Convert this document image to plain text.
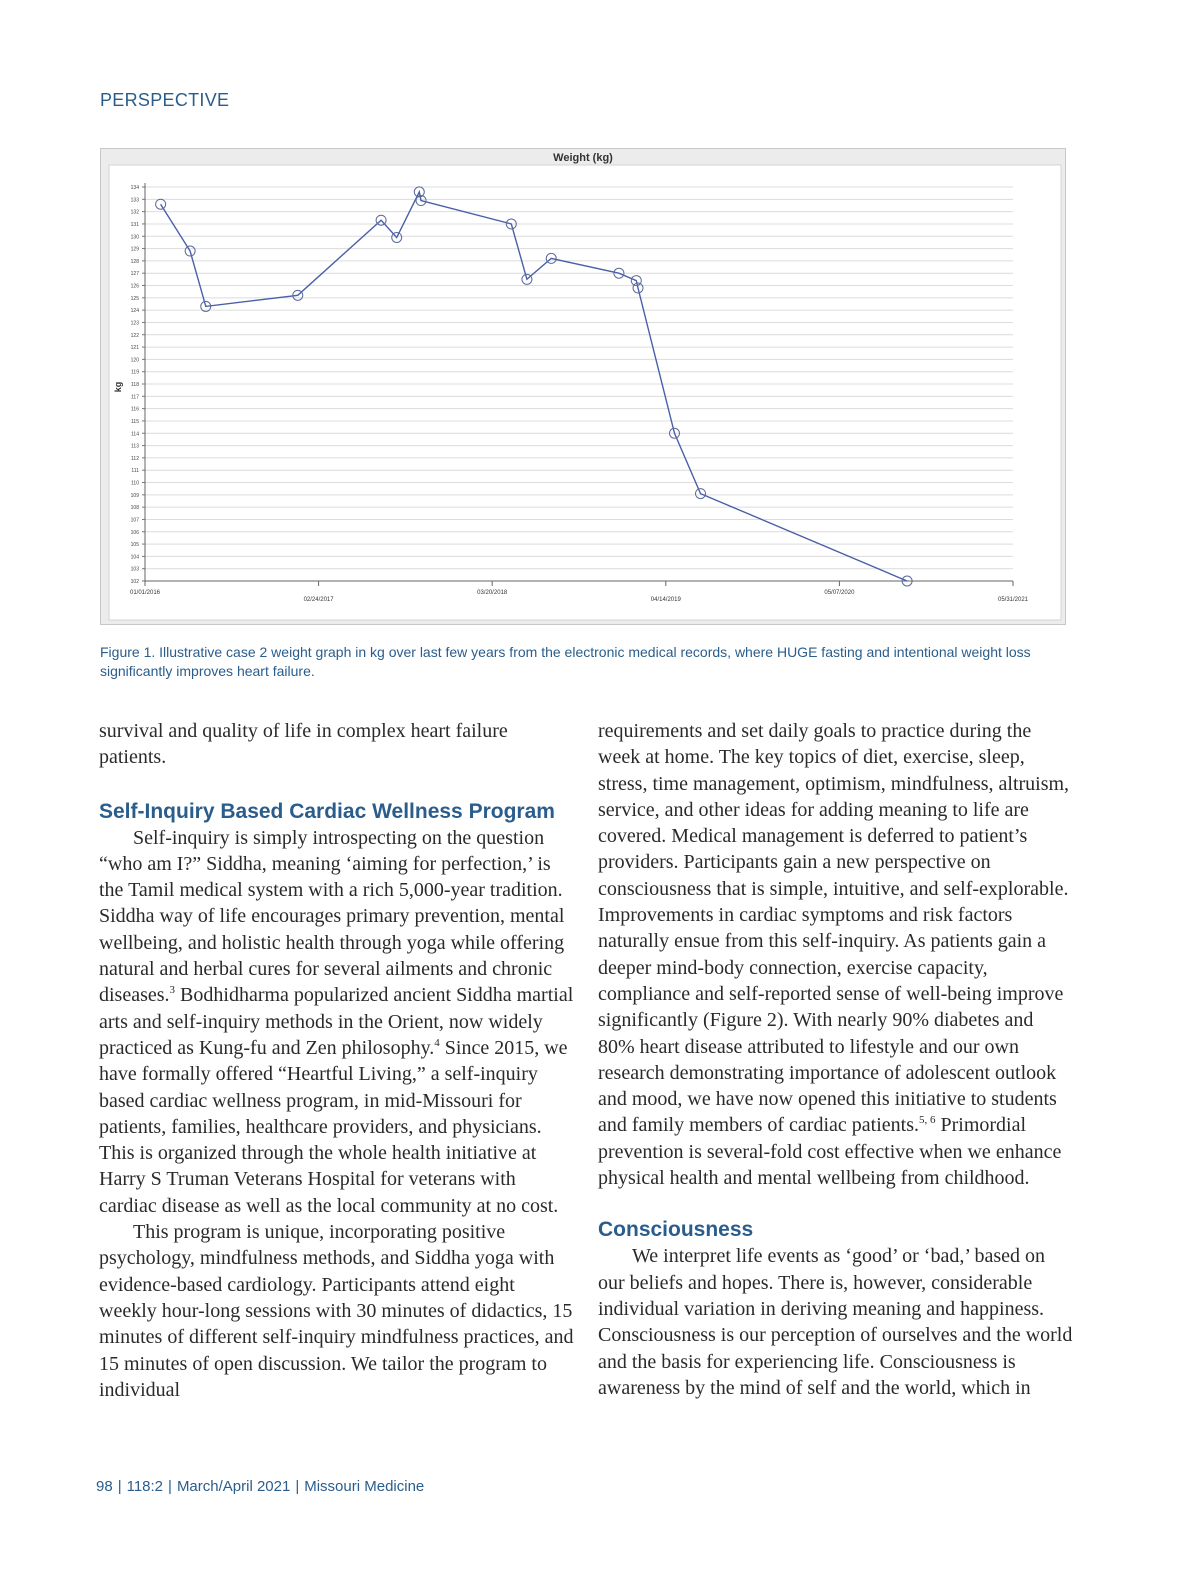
PERSPECTIVE
Weight (kg)
102
103
104
105
106
107
108
109
110
111
112
113
114
115
116
117
118
119
120
121
122
123
124
125
126
127
128
129
130
131
132
133
134
kg
01/01/2016
02/24/2017
03/20/2018
04/14/2019
05/07/2020
05/31/2021
Figure 1. Illustrative case 2 weight graph in kg over last few years from the electronic medical records, where HUGE fasting and intentional weight loss significantly improves heart failure.

survival and quality of life in complex heart failure patients.

Self-Inquiry Based Cardiac Wellness Program

Self-inquiry is simply introspecting on the question “who am I?” Siddha, meaning ‘aiming for perfection,’ is the Tamil medical system with a rich 5,000-year tradition. Siddha way of life encourages primary prevention, mental wellbeing, and holistic health through yoga while offering natural and herbal cures for several ailments and chronic diseases.$^3$ Bodhidharma popularized ancient Siddha martial arts and self-inquiry methods in the Orient, now widely practiced as Kung-fu and Zen philosophy.$^4$ Since 2015, we have formally offered “Heartful Living,” a self-inquiry based cardiac wellness program, in mid-Missouri for patients, families, healthcare providers, and physicians. This is organized through the whole health initiative at Harry S Truman Veterans Hospital for veterans with cardiac disease as well as the local community at no cost.

This program is unique, incorporating positive psychology, mindfulness methods, and Siddha yoga with evidence-based cardiology. Participants attend eight weekly hour-long sessions with 30 minutes of didactics, 15 minutes of different self-inquiry mindfulness practices, and 15 minutes of open discussion. We tailor the program to individual

requirements and set daily goals to practice during the week at home. The key topics of diet, exercise, sleep, stress, time management, optimism, mindfulness, altruism, service, and other ideas for adding meaning to life are covered. Medical management is deferred to patient’s providers. Participants gain a new perspective on consciousness that is simple, intuitive, and self-explorable. Improvements in cardiac symptoms and risk factors naturally ensue from this self-inquiry. As patients gain a deeper mind-body connection, exercise capacity, compliance and self-reported sense of well-being improve significantly (Figure 2). With nearly 90% diabetes and 80% heart disease attributed to lifestyle and our own research demonstrating importance of adolescent outlook and mood, we have now opened this initiative to students and family members of cardiac patients.$^{5, 6}$ Primordial prevention is several-fold cost effective when we enhance physical health and mental wellbeing from childhood.

Consciousness

We interpret life events as ‘good’ or ‘bad,’ based on our beliefs and hopes. There is, however, considerable individual variation in deriving meaning and happiness. Consciousness is our perception of ourselves and the world and the basis for experiencing life. Consciousness is awareness by the mind of self and the world, which in

98 | 118:2 | March/April 2021 | Missouri Medicine
